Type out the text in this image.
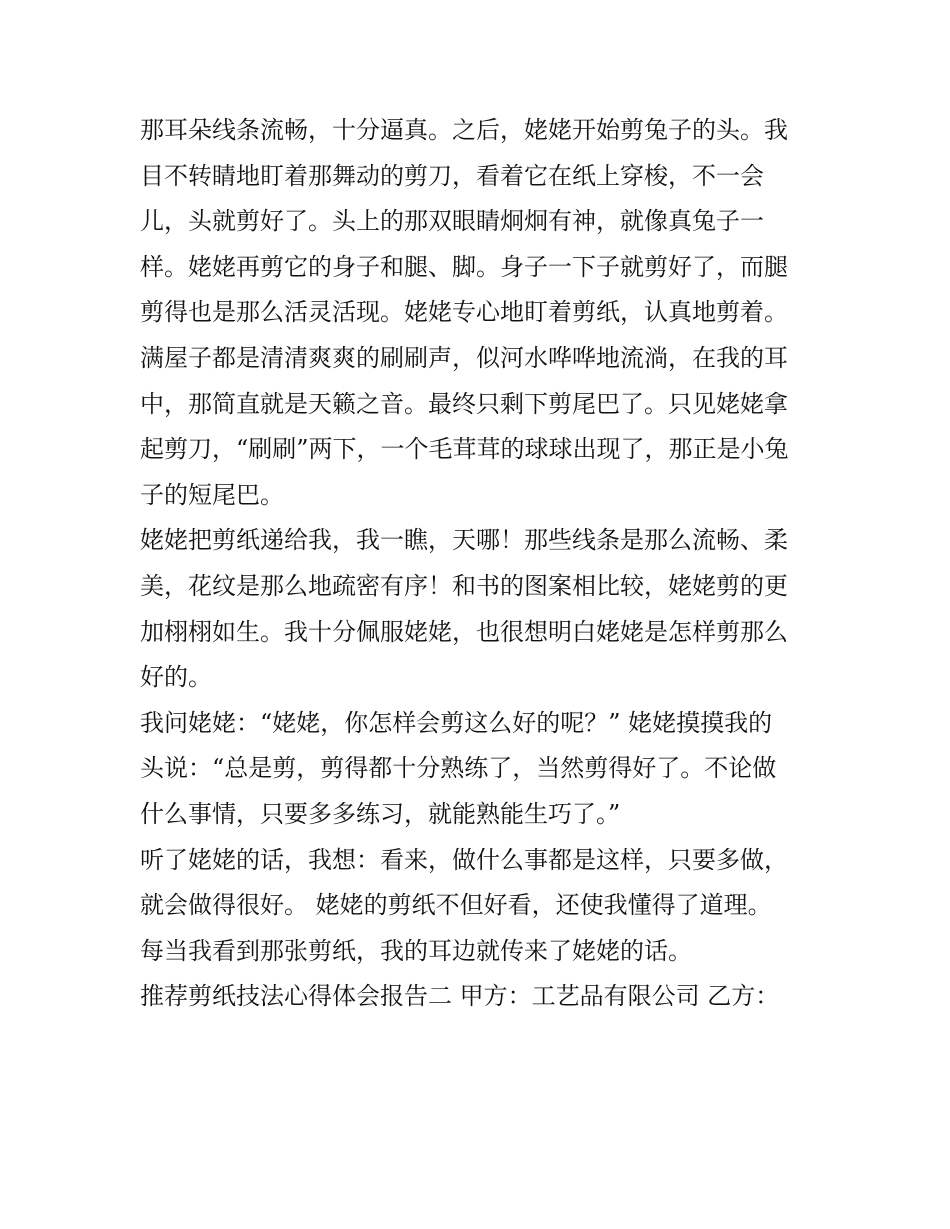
那耳朵线条流畅，十分逼真。之后，姥姥开始剪兔子的头。我
目不转睛地盯着那舞动的剪刀，看着它在纸上穿梭，不一会
儿，头就剪好了。头上的那双眼睛炯炯有神，就像真兔子一
样。姥姥再剪它的身子和腿、脚。身子一下子就剪好了，而腿
剪得也是那么活灵活现。姥姥专心地盯着剪纸，认真地剪着。
满屋子都是清清爽爽的刷刷声，似河水哗哗地流淌，在我的耳
中，那简直就是天籁之音。最终只剩下剪尾巴了。只见姥姥拿
起剪刀，“刷刷”两下，一个毛茸茸的球球出现了，那正是小兔
子的短尾巴。
姥姥把剪纸递给我，我一瞧，天哪！那些线条是那么流畅、柔
美，花纹是那么地疏密有序！和书的图案相比较，姥姥剪的更
加栩栩如生。我十分佩服姥姥，也很想明白姥姥是怎样剪那么
好的。
我问姥姥：“姥姥，你怎样会剪这么好的呢？” 姥姥摸摸我的
头说：“总是剪，剪得都十分熟练了，当然剪得好了。不论做
什么事情，只要多多练习，就能熟能生巧了。”
听了姥姥的话，我想：看来，做什么事都是这样，只要多做，
就会做得很好。 姥姥的剪纸不但好看，还使我懂得了道理。
每当我看到那张剪纸，我的耳边就传来了姥姥的话。
推荐剪纸技法心得体会报告二 甲方：工艺品有限公司 乙方：
